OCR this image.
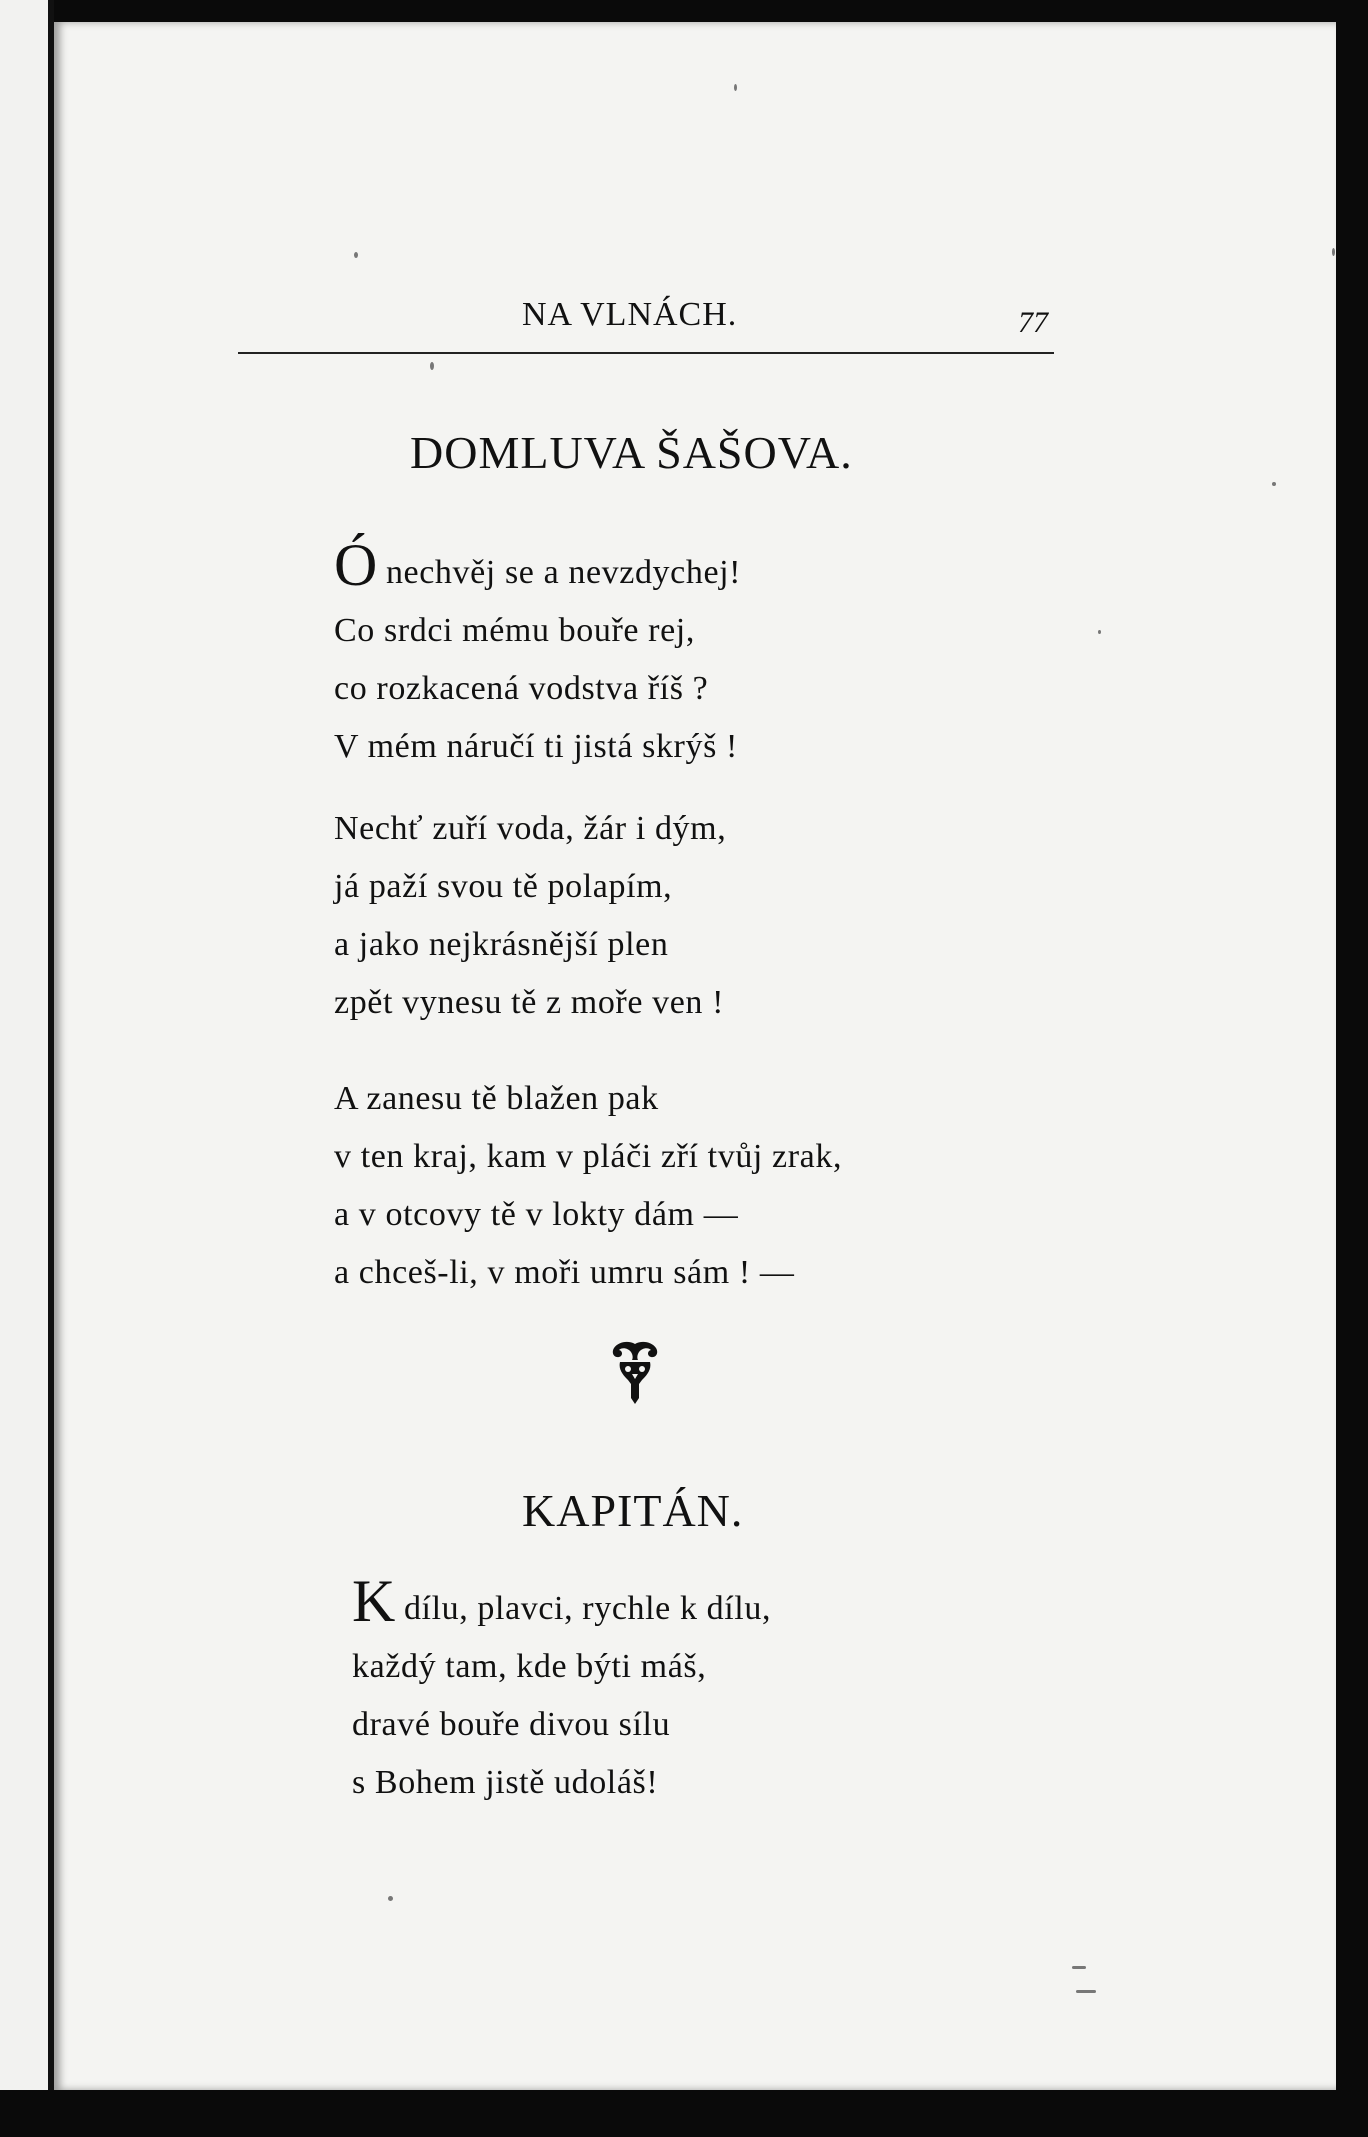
NA VLNÁCH.	77
DOMLUVA ŠAŠOVA.
Ónechvěj se a nevzdychej!
Co srdci mému bouře rej,
co rozkacená vodstva říš ?
V mém náručí ti jistá skrýš !
Nechť zuří voda, žár i dým,
já paží svou tě polapím,
a jako nejkrásnější plen
zpět vynesu tě z moře ven !
A zanesu tě blažen pak
v ten kraj, kam v pláči zří tvůj zrak,
a v otcovy tě v lokty dám —
a chceš-li, v moři umru sám ! —
KAPITÁN.
Kdílu, plavci, rychle k dílu,
každý tam, kde býti máš,
dravé bouře divou sílu
s Bohem jistě udoláš!
